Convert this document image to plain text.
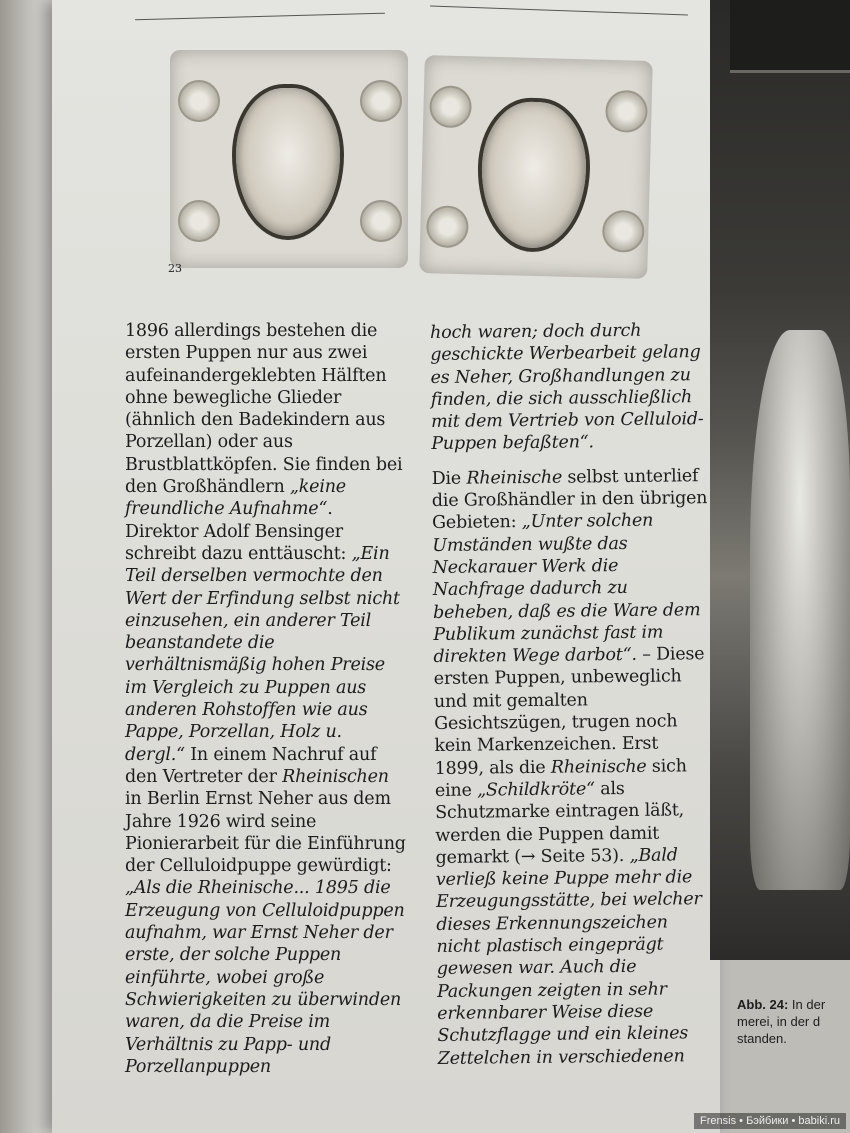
23

1896 allerdings bestehen die ersten Puppen nur aus zwei aufeinandergeklebten Hälften ohne bewegliche Glieder (ähnlich den Badekindern aus Porzellan) oder aus Brustblattköpfen. Sie finden bei den Großhändlern „keine freundliche Aufnahme“. Direktor Adolf Bensinger schreibt dazu enttäuscht: „Ein Teil derselben vermochte den Wert der Erfindung selbst nicht einzusehen, ein anderer Teil beanstandete die verhältnismäßig hohen Preise im Vergleich zu Puppen aus anderen Rohstoffen wie aus Pappe, Porzellan, Holz u. dergl.“ In einem Nachruf auf den Vertreter der Rheinischen in Berlin Ernst Neher aus dem Jahre 1926 wird seine Pionierarbeit für die Einführung der Celluloidpuppe gewürdigt: „Als die Rheinische... 1895 die Erzeugung von Celluloidpuppen aufnahm, war Ernst Neher der erste, der solche Puppen einführte, wobei große Schwierigkeiten zu überwinden waren, da die Preise im Verhältnis zu Papp- und Porzellanpuppen

hoch waren; doch durch geschickte Werbearbeit gelang es Neher, Großhandlungen zu finden, die sich ausschließlich mit dem Vertrieb von Celluloid-Puppen befaßten“.

Die Rheinische selbst unterlief die Großhändler in den übrigen Gebieten: „Unter solchen Umständen wußte das Neckarauer Werk die Nachfrage dadurch zu beheben, daß es die Ware dem Publikum zunächst fast im direkten Wege darbot“. – Diese ersten Puppen, unbeweglich und mit gemalten Gesichtszügen, trugen noch kein Markenzeichen. Erst 1899, als die Rheinische sich eine „Schildkröte“ als Schutzmarke eintragen läßt, werden die Puppen damit gemarkt (→ Seite 53). „Bald verließ keine Puppe mehr die Erzeugungsstätte, bei welcher dieses Erkennungszeichen nicht plastisch eingeprägt gewesen war. Auch die Packungen zeigten in sehr erkennbarer Weise diese Schutzflagge und ein kleines Zettelchen in verschiedenen

Abb. 24: In der
merei, in der d
standen.
Frensis • Бэйбики • babiki.ru
